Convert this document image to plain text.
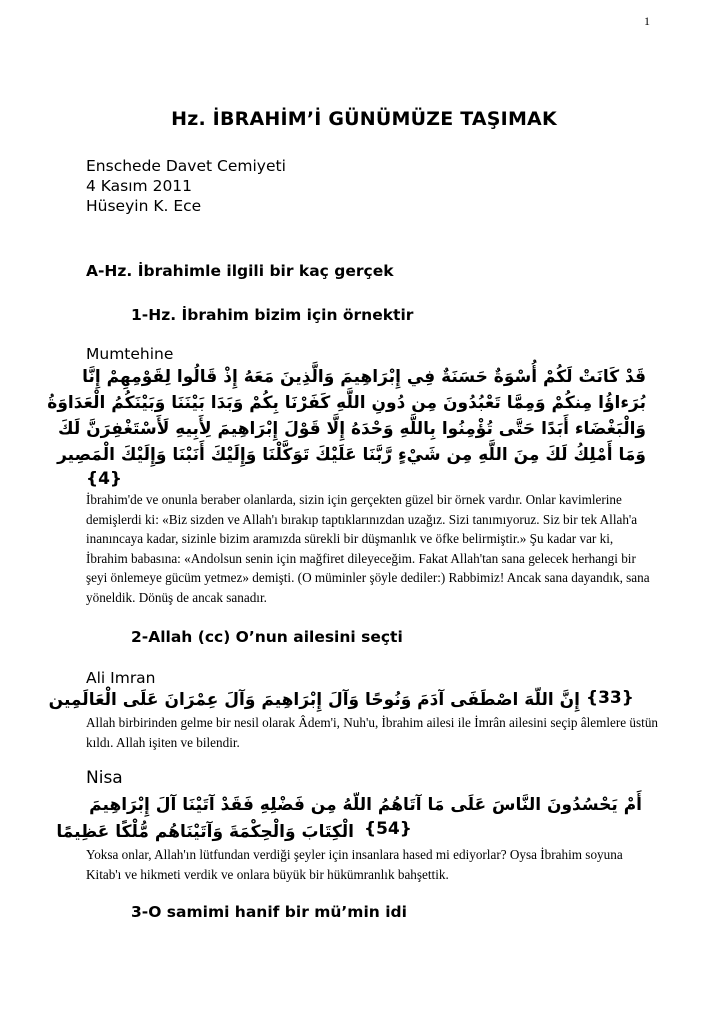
1
Hz. İBRAHİM’İ GÜNÜMÜZE TAŞIMAK
Enschede Davet Cemiyeti
4 Kasım 2011
Hüseyin K. Ece
A-Hz. İbrahimle ilgili bir kaç gerçek
1-Hz. İbrahim bizim için örnektir
Mumtehine
قَدْ كَانَتْ لَكُمْ أُسْوَةٌ حَسَنَةٌ فِي إِبْرَاهِيمَ وَالَّذِينَ مَعَهُ إِذْ قَالُوا لِقَوْمِهِمْ إِنَّا
بُرَءاؤُا مِنكُمْ وَمِمَّا تَعْبُدُونَ مِن دُونِ اللَّهِ كَفَرْنَا بِكُمْ وَبَدَا بَيْنَنَا وَبَيْنَكُمُ الْعَدَاوَةُ
وَالْبَغْضَاء أَبَدًا حَتَّى تُؤْمِنُوا بِاللَّهِ وَحْدَهُ إِلَّا قَوْلَ إِبْرَاهِيمَ لِأَبِيهِ لَأَسْتَغْفِرَنَّ لَكَ
وَمَا أَمْلِكُ لَكَ مِنَ اللَّهِ مِن شَيْءٍ رَّبَّنَا عَلَيْكَ تَوَكَّلْنَا وَإِلَيْكَ أَنَبْنَا وَإِلَيْكَ الْمَصِير
{4}
İbrahim'de ve onunla beraber olanlarda, sizin için gerçekten güzel bir örnek vardır. Onlar kavimlerine demişlerdi ki: «Biz sizden ve Allah'ı bırakıp taptıklarınızdan uzağız. Sizi tanımıyoruz. Siz bir tek Allah'a inanıncaya kadar, sizinle bizim aramızda sürekli bir düşmanlık ve öfke belirmiştir.» Şu kadar var ki, İbrahim babasına: «Andolsun senin için mağfiret dileyeceğim. Fakat Allah'tan sana gelecek herhangi bir şeyi önlemeye gücüm yetmez» demişti. (O müminler şöyle dediler:) Rabbimiz! Ancak sana dayandık, sana yöneldik. Dönüş de ancak sanadır.
2-Allah (cc) O’nun ailesini seçti
Ali Imran
{33}
إِنَّ اللّهَ اصْطَفَى آدَمَ وَنُوحًا وَآلَ إِبْرَاهِيمَ وَآلَ عِمْرَانَ عَلَى الْعَالَمِين
Allah birbirinden gelme bir nesil olarak Âdem'i, Nuh'u, İbrahim ailesi ile İmrân ailesini seçip âlemlere üstün kıldı. Allah işiten ve bilendir.
Nisa
أَمْ يَحْسُدُونَ النَّاسَ عَلَى مَا آتَاهُمُ اللّهُ مِن فَضْلِهِ فَقَدْ آتَيْنَا آلَ إِبْرَاهِيمَ
الْكِتَابَ وَالْحِكْمَةَ وَآتَيْنَاهُم مُّلْكًا عَظِيمًا {54}
Yoksa onlar, Allah'ın lütfundan verdiği şeyler için insanlara hased mi ediyorlar? Oysa İbrahim soyuna Kitab'ı ve hikmeti verdik ve onlara büyük bir hükümranlık bahşettik.
3-O samimi hanif bir mü’min idi
